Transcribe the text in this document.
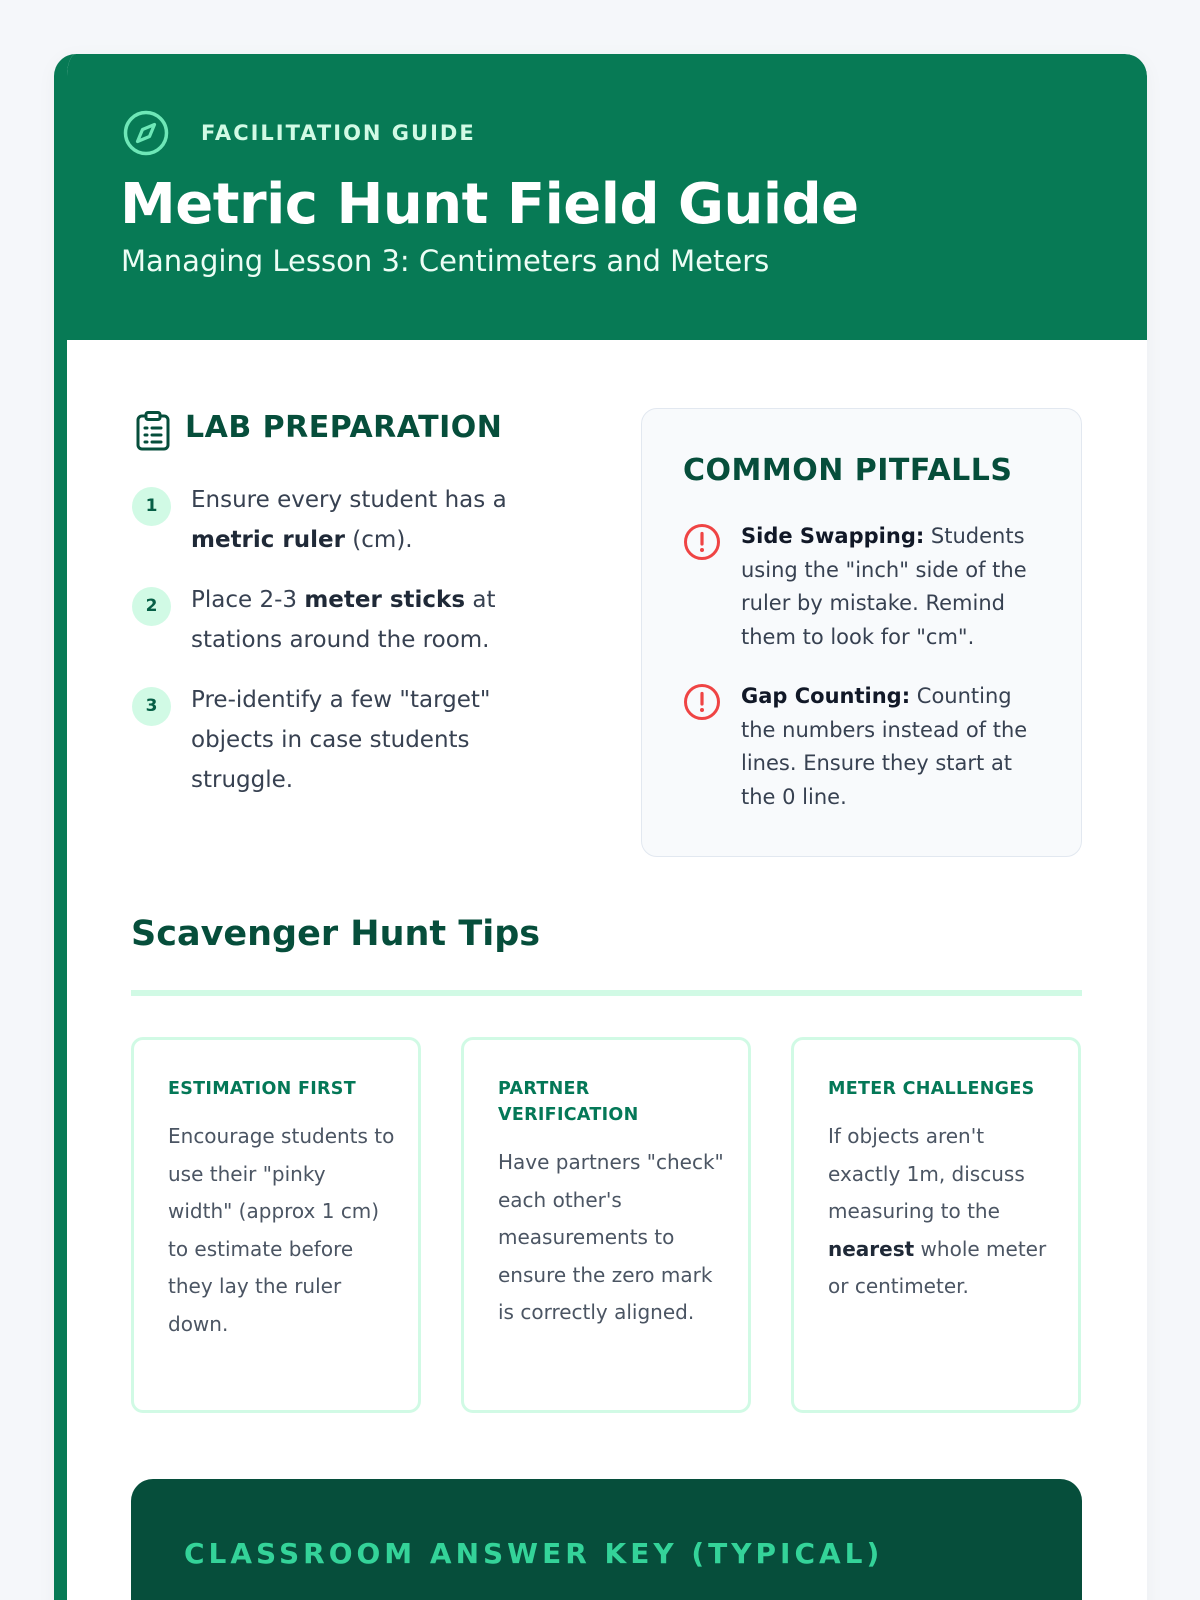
FACILITATION GUIDE
Metric Hunt Field Guide
Managing Lesson 3: Centimeters and Meters
LAB PREPARATION
1	Ensure every student has a metric ruler (cm).
2	Place 2-3 meter sticks at stations around the room.
3	Pre-identify a few "target" objects in case students struggle.
COMMON PITFALLS
Side Swapping: Students using the "inch" side of the ruler by mistake. Remind them to look for "cm".
Gap Counting: Counting the numbers instead of the lines. Ensure they start at the 0 line.
Scavenger Hunt Tips
ESTIMATION FIRST
Encourage students to use their "pinky width" (approx 1 cm) to estimate before they lay the ruler down.
PARTNER VERIFICATION
Have partners "check" each other's measurements to ensure the zero mark is correctly aligned.
METER CHALLENGES
If objects aren't exactly 1m, discuss measuring to the nearest whole meter or centimeter.
CLASSROOM ANSWER KEY (TYPICAL)
